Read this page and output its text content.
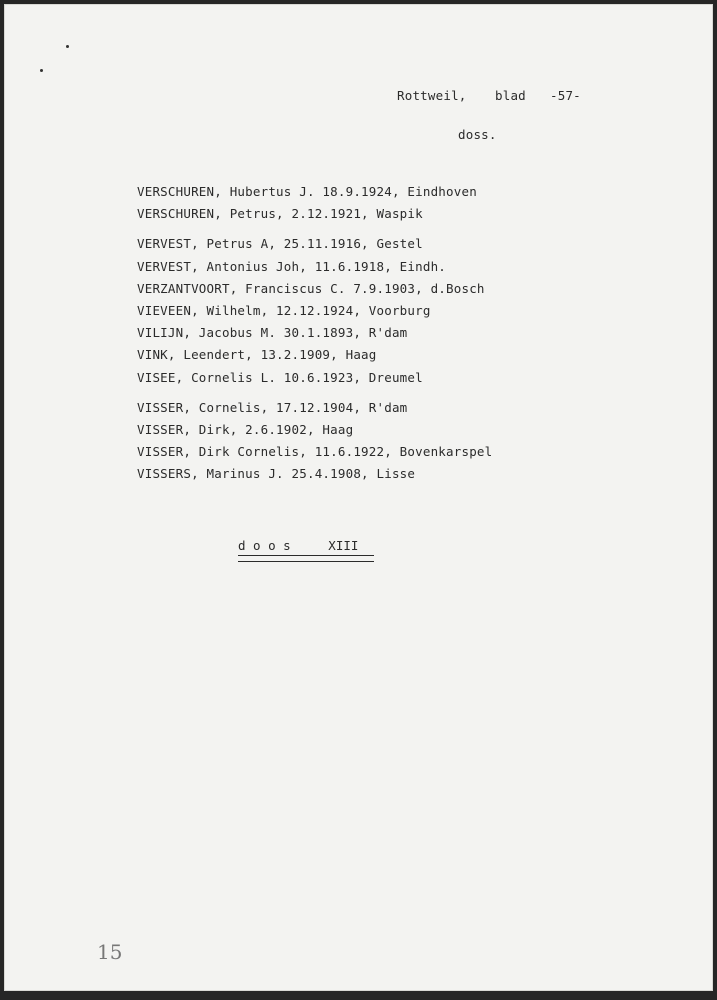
Rottweil, blad -57-
doss.
VERSCHUREN, Hubertus J. 18.9.1924, Eindhoven
VERSCHUREN, Petrus, 2.12.1921, Waspik
VERVEST, Petrus A, 25.11.1916, Gestel
VERVEST, Antonius Joh, 11.6.1918, Eindh.
VERZANTVOORT, Franciscus C. 7.9.1903, d.Bosch
VIEVEEN, Wilhelm, 12.12.1924, Voorburg
VILIJN, Jacobus M. 30.1.1893, R'dam
VINK, Leendert, 13.2.1909, Haag
VISEE, Cornelis L. 10.6.1923, Dreumel
VISSER, Cornelis, 17.12.1904, R'dam
VISSER, Dirk, 2.6.1902, Haag
VISSER, Dirk Cornelis, 11.6.1922, Bovenkarspel
VISSERS, Marinus J. 25.4.1908, Lisse
d o o s     XIII
15
